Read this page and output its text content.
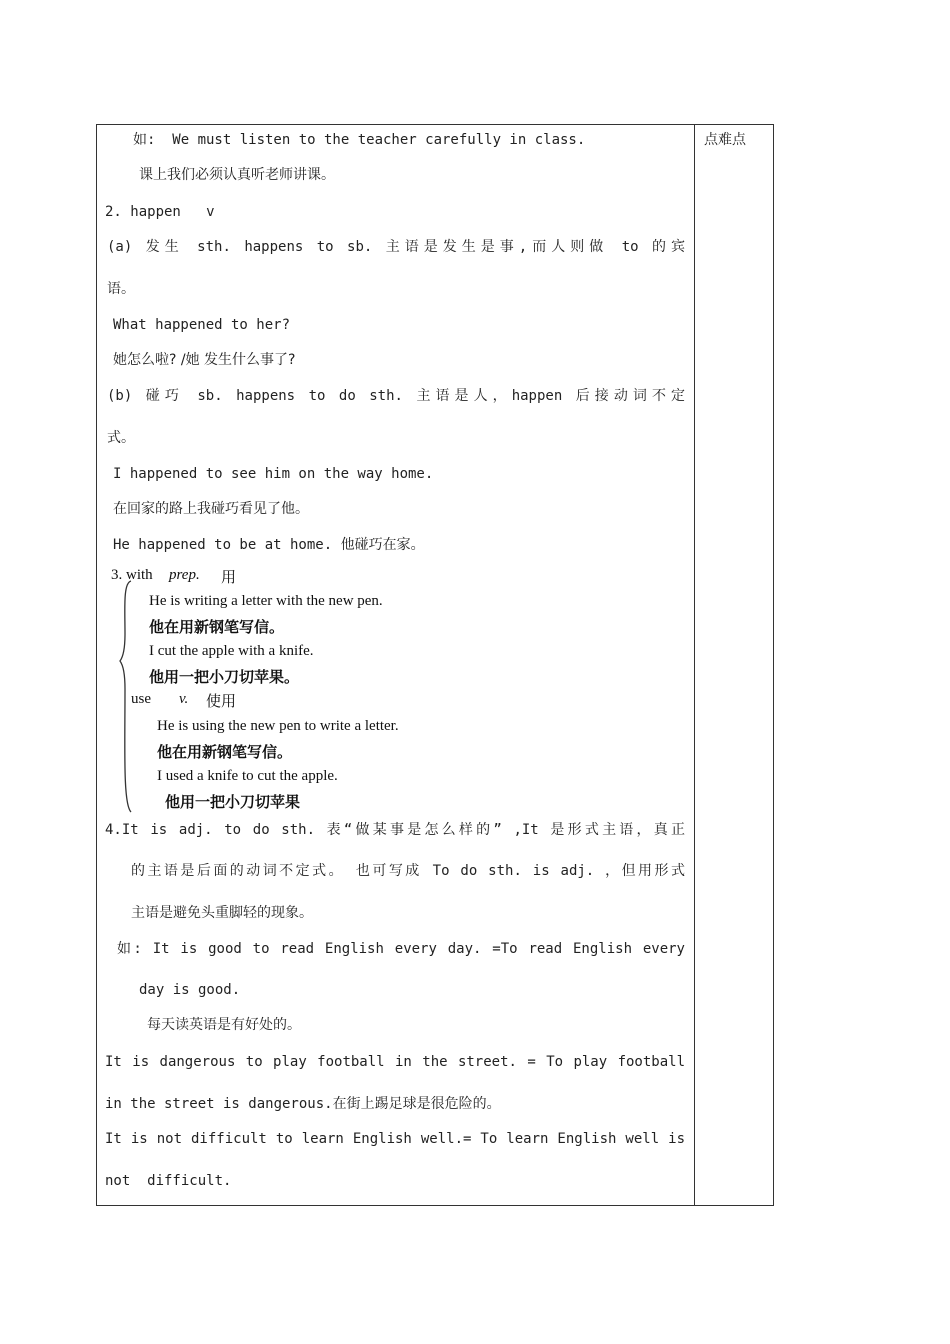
点难点
如:  We must listen to the teacher carefully in class.
课上我们必须认真听老师讲课。
2. happen   v
(a) 发生 sth. happens to sb. 主语是发生是事,而人则做 to 的宾
语。
What happened to her?
她怎么啦? /她 发生什么事了?
(b) 碰巧 sb. happens to do sth. 主语是人，happen 后接动词不定
式。
I happened to see him on the way home.
在回家的路上我碰巧看见了他。
He happened to be at home. 他碰巧在家。
3. with prep. 用
He is writing a letter with the new pen.
他在用新钢笔写信。
I cut the apple with a knife.
他用一把小刀切苹果。
use v. 使用
He is using the new pen to write a letter.
他在用新钢笔写信。
I used a knife to cut the apple.
他用一把小刀切苹果
4.It is adj. to do sth. 表“做某事是怎么样的” ,It 是形式主语，真正
的主语是后面的动词不定式。 也可写成 To do sth. is adj. ，但用形式
主语是避免头重脚轻的现象。
如: It is good to read English every day. =To read English every
day is good.
每天读英语是有好处的。
It is dangerous to play football in the street. = To play football
in the street is dangerous.在街上踢足球是很危险的。
It is not difficult to learn English well.= To learn English well is
not  difficult.
